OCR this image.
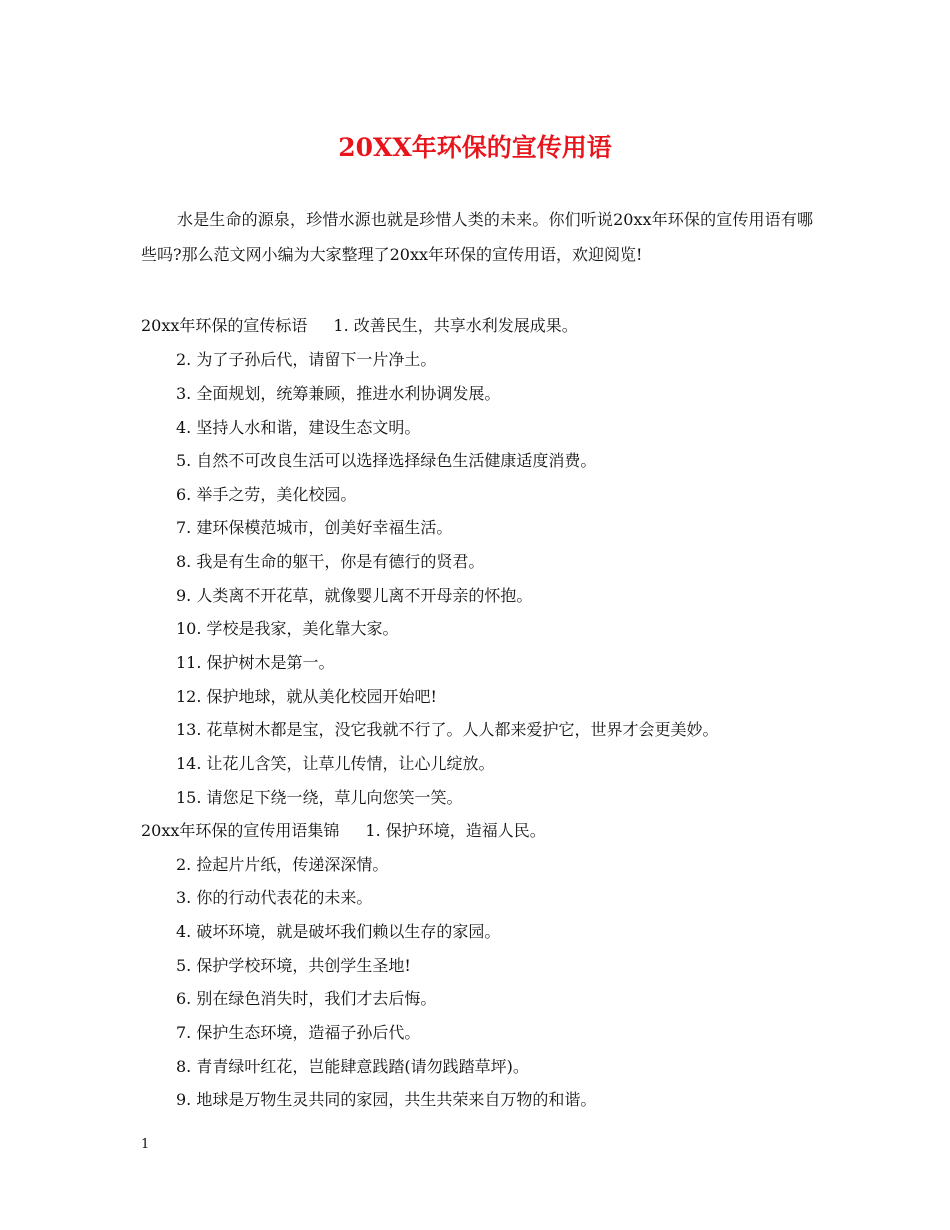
20XX年环保的宣传用语

水是生命的源泉，珍惜水源也就是珍惜人类的未来。你们听说20xx年环保的宣传用语有哪些吗?那么范文网小编为大家整理了20xx年环保的宣传用语，欢迎阅览!

20xx年环保的宣传标语 1. 改善民生，共享水利发展成果。
2. 为了子孙后代，请留下一片净土。
3. 全面规划，统筹兼顾，推进水利协调发展。
4. 坚持人水和谐，建设生态文明。
5. 自然不可改良生活可以选择选择绿色生活健康适度消费。
6. 举手之劳，美化校园。
7. 建环保模范城市，创美好幸福生活。
8. 我是有生命的躯干，你是有德行的贤君。
9. 人类离不开花草，就像婴儿离不开母亲的怀抱。
10. 学校是我家，美化靠大家。
11. 保护树木是第一。
12. 保护地球，就从美化校园开始吧!
13. 花草树木都是宝，没它我就不行了。人人都来爱护它，世界才会更美妙。
14. 让花儿含笑，让草儿传情，让心儿绽放。
15. 请您足下绕一绕，草儿向您笑一笑。
20xx年环保的宣传用语集锦 1. 保护环境，造福人民。
2. 捡起片片纸，传递深深情。
3. 你的行动代表花的未来。
4. 破坏环境，就是破坏我们赖以生存的家园。
5. 保护学校环境，共创学生圣地!
6. 别在绿色消失时，我们才去后悔。
7. 保护生态环境，造福子孙后代。
8. 青青绿叶红花，岂能肆意践踏(请勿践踏草坪)。
9. 地球是万物生灵共同的家园，共生共荣来自万物的和谐。
1
